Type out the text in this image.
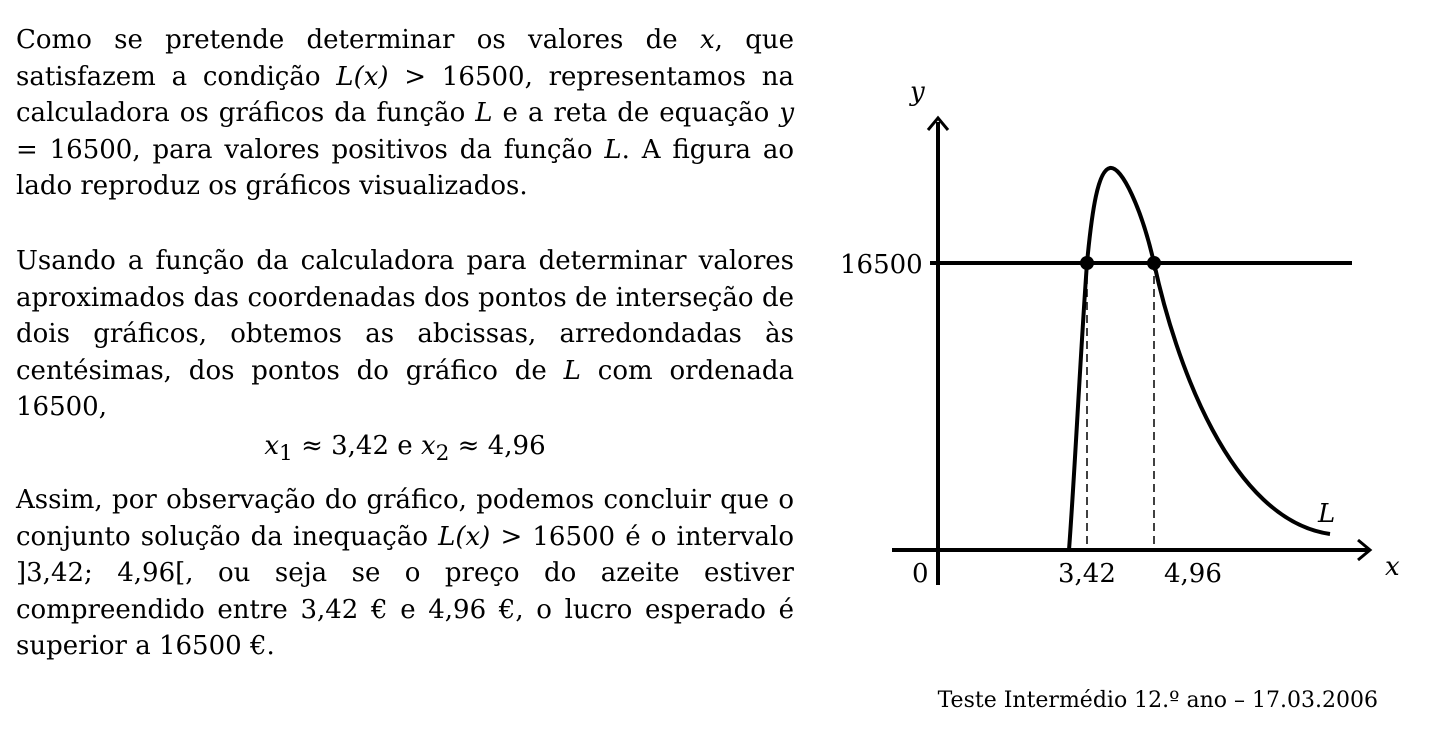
Como se pretende determinar os valores de x, que satisfazem a condição L(x) > 16500, representamos na calculadora os gráficos da função L e a reta de equação y = 16500, para valores positivos da função L. A figura ao lado reproduz os gráficos visualizados.

Usando a função da calculadora para determinar valores aproximados das coordenadas dos pontos de interseção de dois gráficos, obtemos as abcissas, arredondadas às centésimas, dos pontos do gráfico de L com ordenada 16500,

$x_1 \approx 3,42$ e $x_2 \approx 4,96$

Assim, por observação do gráfico, podemos concluir que o conjunto solução da inequação L(x) > 16500 é o intervalo ]3,42; 4,96[, ou seja se o preço do azeite estiver compreendido entre 3,42 € e 4,96 €, o lucro esperado é superior a 16500 €.

y
x
0
16500
3,42 4,96
L
Teste Intermédio 12.º ano – 17.03.2006
